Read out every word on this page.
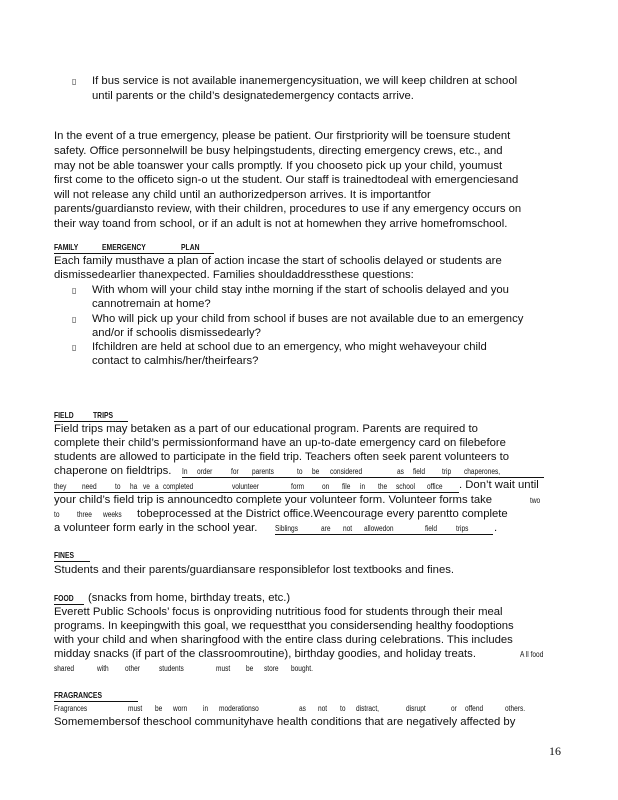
▯ If bus service is not available inanemergencysituation, we will keep children at school
until parents or the child’s designatedemergency contacts arrive.
In the event of a true emergency, please be patient. Our firstpriority will be toensure student
safety. Office personnelwill be busy helpingstudents, directing emergency crews, etc., and
may not be able toanswer your calls promptly. If you chooseto pick up your child, youmust
first come to the officeto sign-o ut the student. Our staff is trainedtodeal with emergenciesand
will not release any child until an authorizedperson arrives. It is importantfor
parents/guardiansto review, with their children, procedures to use if any emergency occurs on
their way toand from school, or if an adult is not at homewhen they arrive homefromschool.
FAMILY	EMERGENCY	PLAN
Each family musthave a plan of action incase the start of schoolis delayed or students are
dismissedearlier thanexpected. Families shouldaddressthese questions:
▯ With whom will your child stay inthe morning if the start of schoolis delayed and you
cannotremain at home?
▯ Who will pick up your child from school if buses are not available due to an emergency
and/or if schoolis dismissedearly?
▯ Ifchildren are held at school due to an emergency, who might wehaveyour child
contact to calmhis/her/theirfears?
FIELD TRIPS
Field trips may betaken as a part of our educational program. Parents are required to
complete their child’s permissionformand have an up-to-date emergency card on filebefore
students are allowed to participate in the field trip. Teachers often seek parent volunteers to
chaperone on fieldtrips. In order for parents	to be considered	as field trip chaperones,
they need to ha ve a completed	volunteer	form on file in the school office . Don’t wait until
your child’s field trip is announcedto complete your volunteer form. Volunteer forms take	two
to three weeks tobeprocessed at the District office.Weencourage every parentto complete
a volunteer form early in the school year. Siblings	are not allowedon	field trips .
FINES
Students and their parents/guardiansare responsiblefor lost textbooks and fines.
FOOD (snacks from home, birthday treats, etc.)
Everett Public Schools’ focus is onproviding nutritious food for students through their meal
programs. In keepingwith this goal, we requestthat you considersending healthy foodoptions
with your child and when sharingfood with the entire class during celebrations. This includes
midday snacks (if part of the classroomroutine), birthday goodies, and holiday treats.	A ll food
shared	with other students	must be store bought.
FRAGRANCES
Fragrances	must be worn in moderationso	as not to distract,	disrupt	or offend	others.
Somemembersof theschool communityhave health conditions that are negatively affected by
16
